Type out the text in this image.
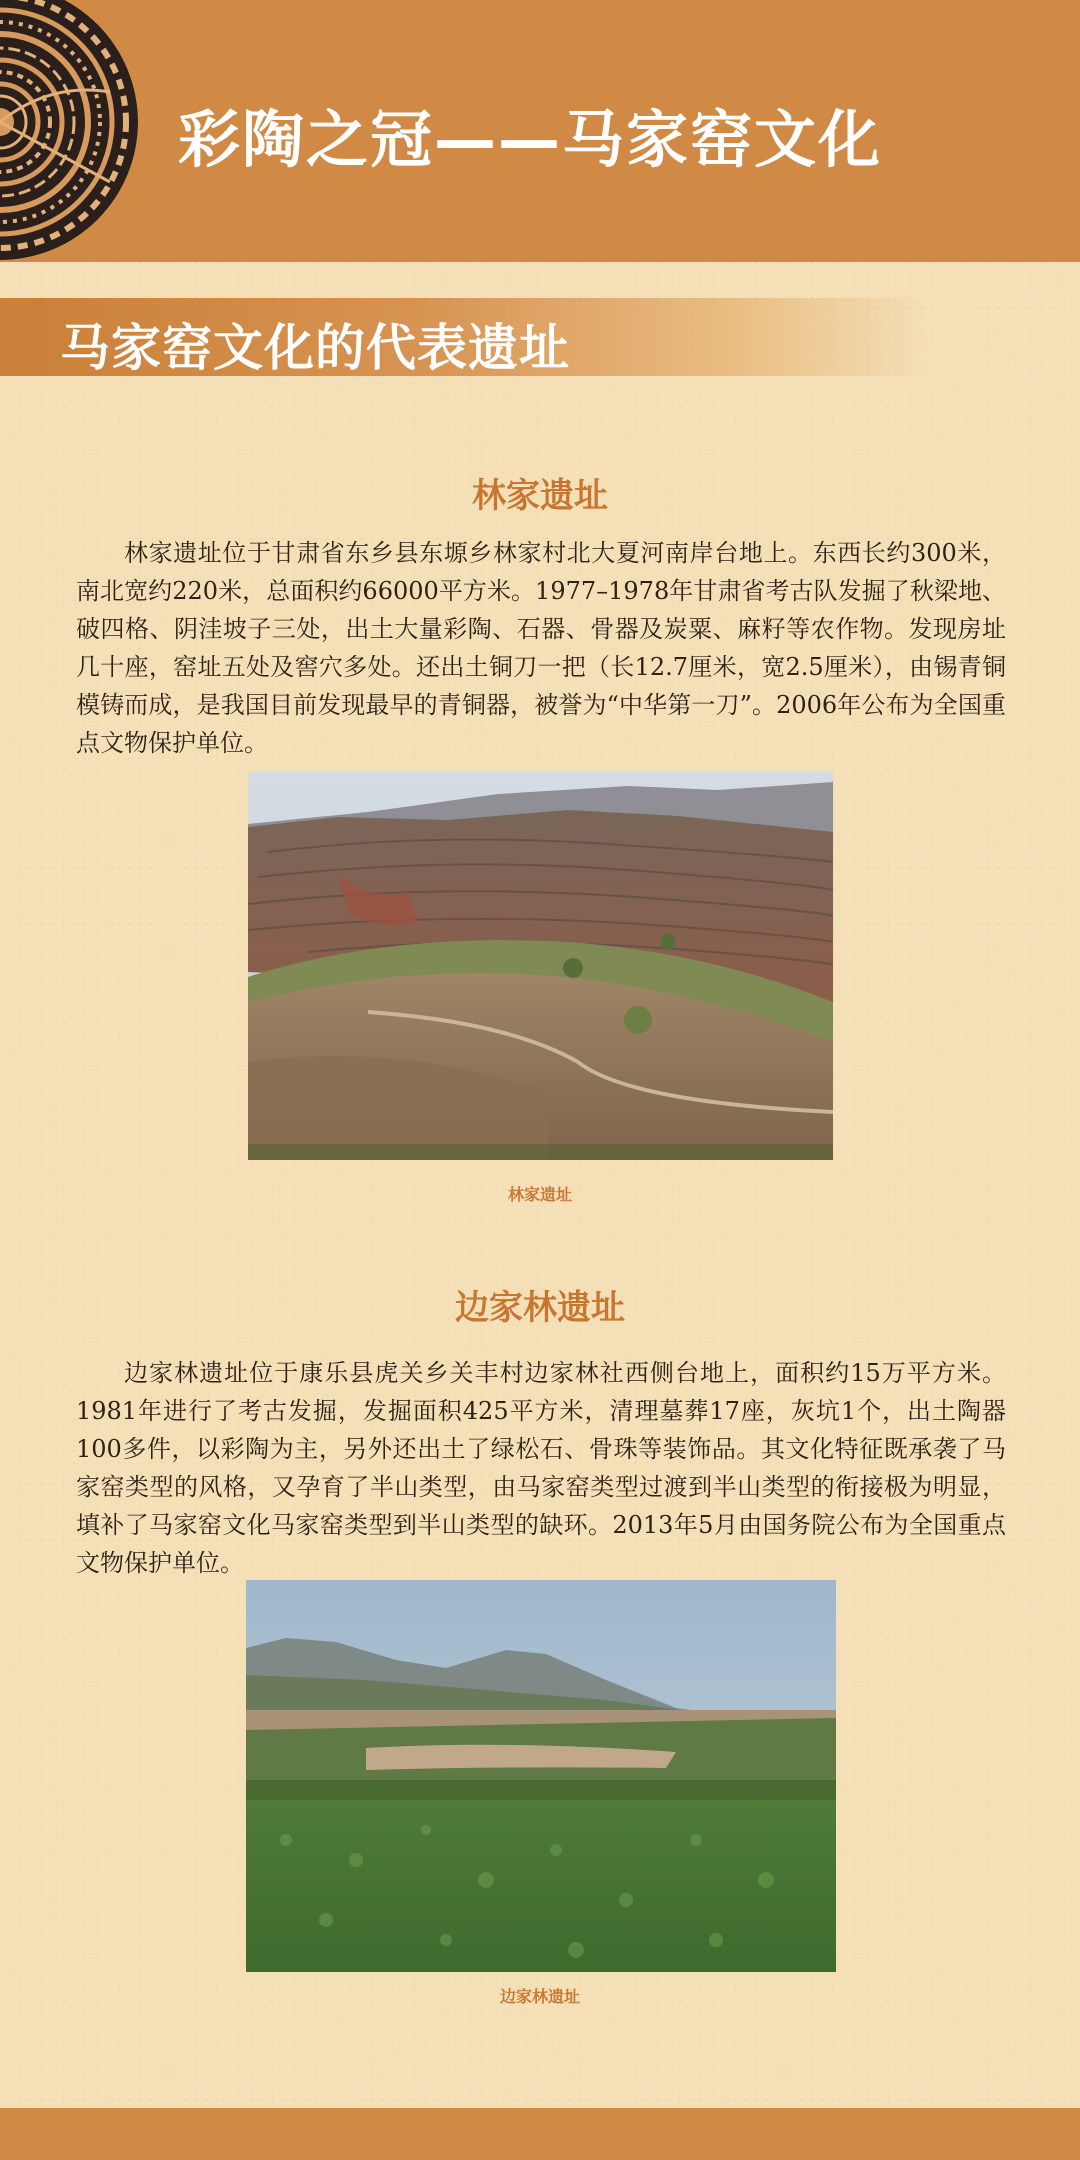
彩陶之冠——马家窑文化
马家窑文化的代表遗址
林家遗址

林家遗址位于甘肃省东乡县东塬乡林家村北大夏河南岸台地上。东西长约300米，南北宽约220米，总面积约66000平方米。1977–1978年甘肃省考古队发掘了秋梁地、破四格、阴洼坡子三处，出土大量彩陶、石器、骨器及炭粟、麻籽等农作物。发现房址几十座，窑址五处及窖穴多处。还出土铜刀一把（长12.7厘米，宽2.5厘米），由锡青铜模铸而成，是我国目前发现最早的青铜器，被誉为“中华第一刀”。2006年公布为全国重点文物保护单位。

林家遗址

边家林遗址

边家林遗址位于康乐县虎关乡关丰村边家林社西侧台地上，面积约15万平方米。1981年进行了考古发掘，发掘面积425平方米，清理墓葬17座，灰坑1个，出土陶器100多件，以彩陶为主，另外还出土了绿松石、骨珠等装饰品。其文化特征既承袭了马家窑类型的风格，又孕育了半山类型，由马家窑类型过渡到半山类型的衔接极为明显，填补了马家窑文化马家窑类型到半山类型的缺环。2013年5月由国务院公布为全国重点文物保护单位。

边家林遗址
